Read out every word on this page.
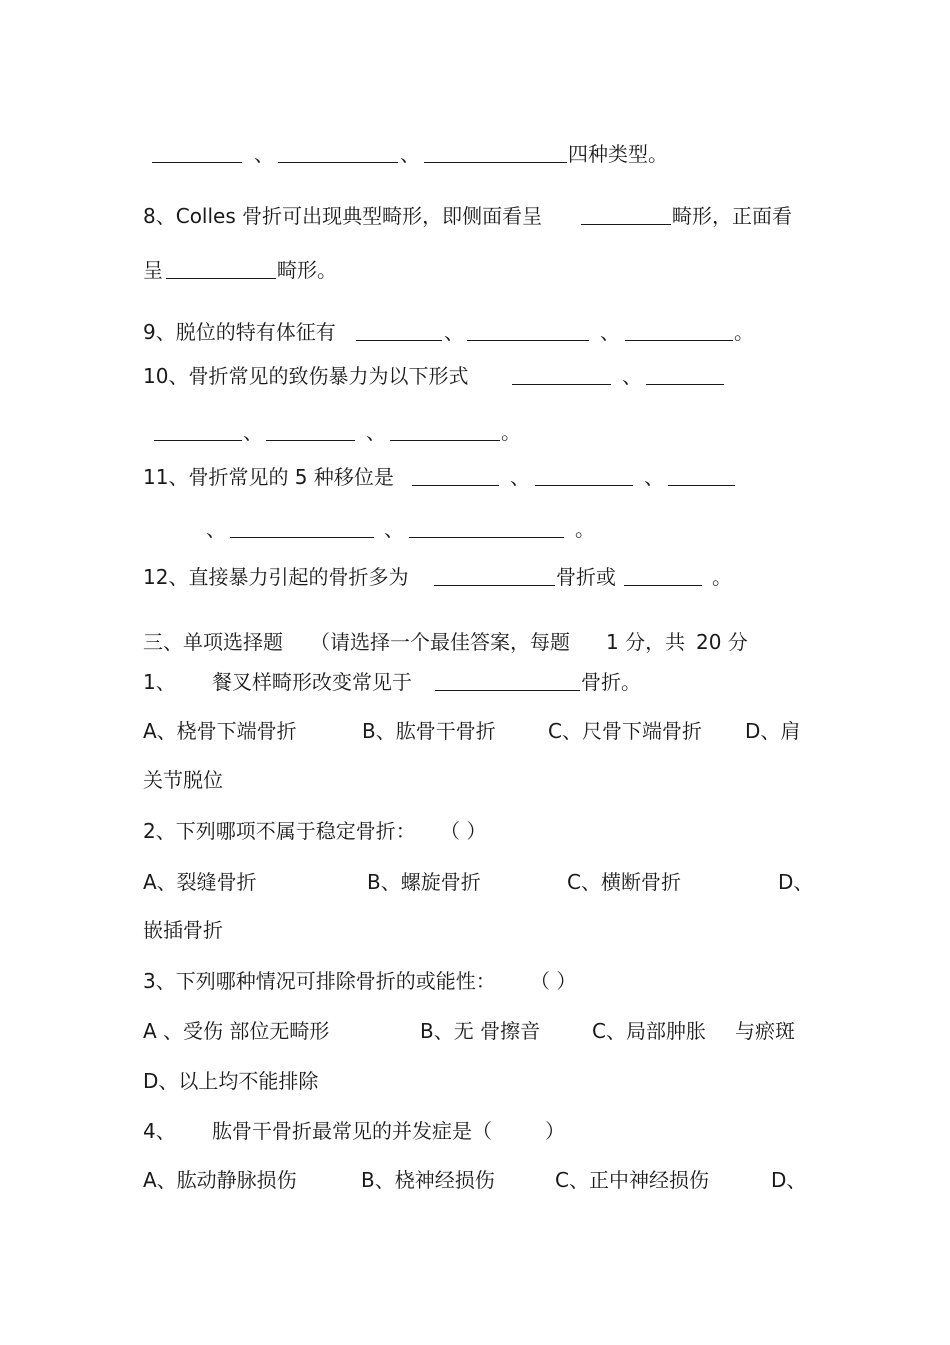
、	、	四种类型。
8、Colles 骨折可出现典型畸形，即侧面看呈	畸形，正面看
呈	畸形。
9、脱位的特有体征有	、	、	。
10、骨折常见的致伤暴力为以下形式	、
、	、	。
11、骨折常见的 5 种移位是	、	、
、	、	。
12、直接暴力引起的骨折多为	骨折或	。
三、单项选择题 （请选择一个最佳答案，每题 1 分，共 20 分
1、 餐叉样畸形改变常见于	骨折。
A、桡骨下端骨折	B、肱骨干骨折	C、尺骨下端骨折 D、肩
关节脱位
2、下列哪项不属于稳定骨折： （ ）
A、裂缝骨折	B、螺旋骨折	C、横断骨折	D、
嵌插骨折
3、下列哪种情况可排除骨折的或能性： （ ）
A 、受伤 部位无畸形	B、无 骨擦音	C、局部肿胀 与瘀斑
D、以上均不能排除
4、 肱骨干骨折最常见的并发症是（	）
A、肱动静脉损伤	B、桡神经损伤	C、正中神经损伤	D、
